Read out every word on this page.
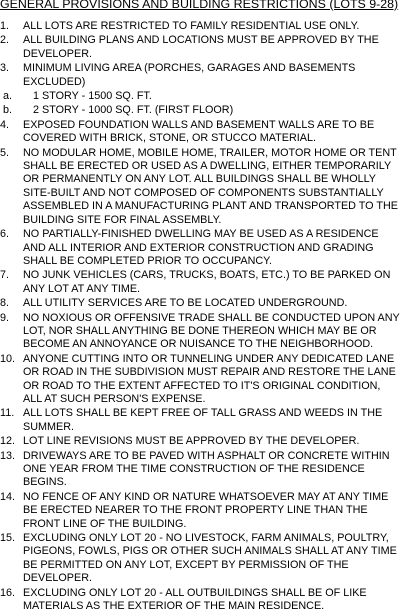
GENERAL PROVISIONS AND BUILDING RESTRICTIONS (LOTS 9-28)
1.	ALL LOTS ARE RESTRICTED TO FAMILY RESIDENTIAL USE ONLY.
2.	ALL BUILDING PLANS AND LOCATIONS MUST BE APPROVED BY THE DEVELOPER.
3.	MINIMUM LIVING AREA (PORCHES, GARAGES AND BASEMENTS EXCLUDED)
a.	1 STORY - 1500 SQ. FT.
b.	2 STORY - 1000 SQ. FT. (FIRST FLOOR)
4.	EXPOSED FOUNDATION WALLS AND BASEMENT WALLS ARE TO BE COVERED WITH BRICK, STONE, OR STUCCO MATERIAL.
5.	NO MODULAR HOME, MOBILE HOME, TRAILER, MOTOR HOME OR TENT SHALL BE ERECTED OR USED AS A DWELLING, EITHER TEMPORARILY OR PERMANENTLY ON ANY LOT. ALL BUILDINGS SHALL BE WHOLLY SITE-BUILT AND NOT COMPOSED OF COMPONENTS SUBSTANTIALLY ASSEMBLED IN A MANUFACTURING PLANT AND TRANSPORTED TO THE BUILDING SITE FOR FINAL ASSEMBLY.
6.	NO PARTIALLY-FINISHED DWELLING MAY BE USED AS A RESIDENCE AND ALL INTERIOR AND EXTERIOR CONSTRUCTION AND GRADING SHALL BE COMPLETED PRIOR TO OCCUPANCY.
7.	NO JUNK VEHICLES (CARS, TRUCKS, BOATS, ETC.) TO BE PARKED ON ANY LOT AT ANY TIME.
8.	ALL UTILITY SERVICES ARE TO BE LOCATED UNDERGROUND.
9.	NO NOXIOUS OR OFFENSIVE TRADE SHALL BE CONDUCTED UPON ANY LOT, NOR SHALL ANYTHING BE DONE THEREON WHICH MAY BE OR BECOME AN ANNOYANCE OR NUISANCE TO THE NEIGHBORHOOD.
10. ANYONE CUTTING INTO OR TUNNELING UNDER ANY DEDICATED LANE OR ROAD IN THE SUBDIVISION MUST REPAIR AND RESTORE THE LANE OR ROAD TO THE EXTENT AFFECTED TO IT'S ORIGINAL CONDITION, ALL AT SUCH PERSON'S EXPENSE.
11. ALL LOTS SHALL BE KEPT FREE OF TALL GRASS AND WEEDS IN THE SUMMER.
12. LOT LINE REVISIONS MUST BE APPROVED BY THE DEVELOPER.
13. DRIVEWAYS ARE TO BE PAVED WITH ASPHALT OR CONCRETE WITHIN ONE YEAR FROM THE TIME CONSTRUCTION OF THE RESIDENCE BEGINS.
14. NO FENCE OF ANY KIND OR NATURE WHATSOEVER MAY AT ANY TIME BE ERECTED NEARER TO THE FRONT PROPERTY LINE THAN THE FRONT LINE OF THE BUILDING.
15. EXCLUDING ONLY LOT 20 - NO LIVESTOCK, FARM ANIMALS, POULTRY, PIGEONS, FOWLS, PIGS OR OTHER SUCH ANIMALS SHALL AT ANY TIME BE PERMITTED ON ANY LOT, EXCEPT BY PERMISSION OF THE DEVELOPER.
16. EXCLUDING ONLY LOT 20 - ALL OUTBUILDINGS SHALL BE OF LIKE MATERIALS AS THE EXTERIOR OF THE MAIN RESIDENCE.
